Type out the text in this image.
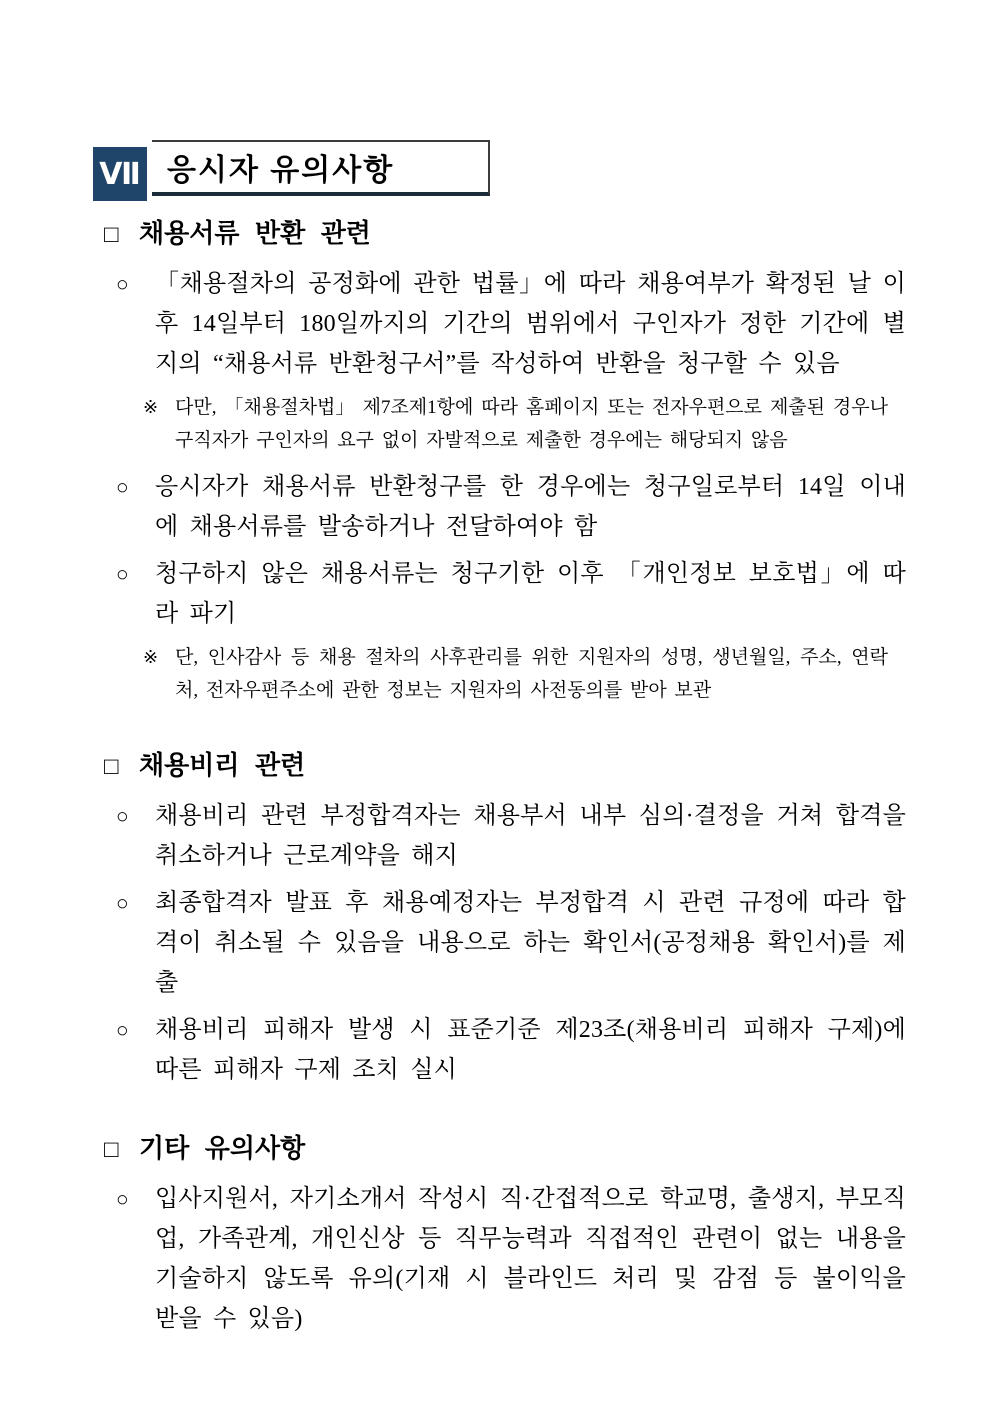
Ⅶ 응시자 유의사항
□ 채용서류 반환 관련
○	「채용절차의 공정화에 관한 법률」에 따라 채용여부가 확정된 날 이후 14일부터 180일까지의 기간의 범위에서 구인자가 정한 기간에 별지의 “채용서류 반환청구서”를 작성하여 반환을 청구할 수 있음
※ 다만, 「채용절차법」 제7조제1항에 따라 홈페이지 또는 전자우편으로 제출된 경우나 구직자가 구인자의 요구 없이 자발적으로 제출한 경우에는 해당되지 않음
○	응시자가 채용서류 반환청구를 한 경우에는 청구일로부터 14일 이내에 채용서류를 발송하거나 전달하여야 함
○	청구하지 않은 채용서류는 청구기한 이후 「개인정보 보호법」에 따라 파기
※ 단, 인사감사 등 채용 절차의 사후관리를 위한 지원자의 성명, 생년월일, 주소, 연락처, 전자우편주소에 관한 정보는 지원자의 사전동의를 받아 보관
□ 채용비리 관련
○	채용비리 관련 부정합격자는 채용부서 내부 심의·결정을 거쳐 합격을 취소하거나 근로계약을 해지
○	최종합격자 발표 후 채용예정자는 부정합격 시 관련 규정에 따라 합격이 취소될 수 있음을 내용으로 하는 확인서(공정채용 확인서)를 제출
○	채용비리 피해자 발생 시 표준기준 제23조(채용비리 피해자 구제)에 따른 피해자 구제 조치 실시
□ 기타 유의사항
○	입사지원서, 자기소개서 작성시 직·간접적으로 학교명, 출생지, 부모직업, 가족관계, 개인신상 등 직무능력과 직접적인 관련이 없는 내용을 기술하지 않도록 유의(기재 시 블라인드 처리 및 감점 등 불이익을 받을 수 있음)
